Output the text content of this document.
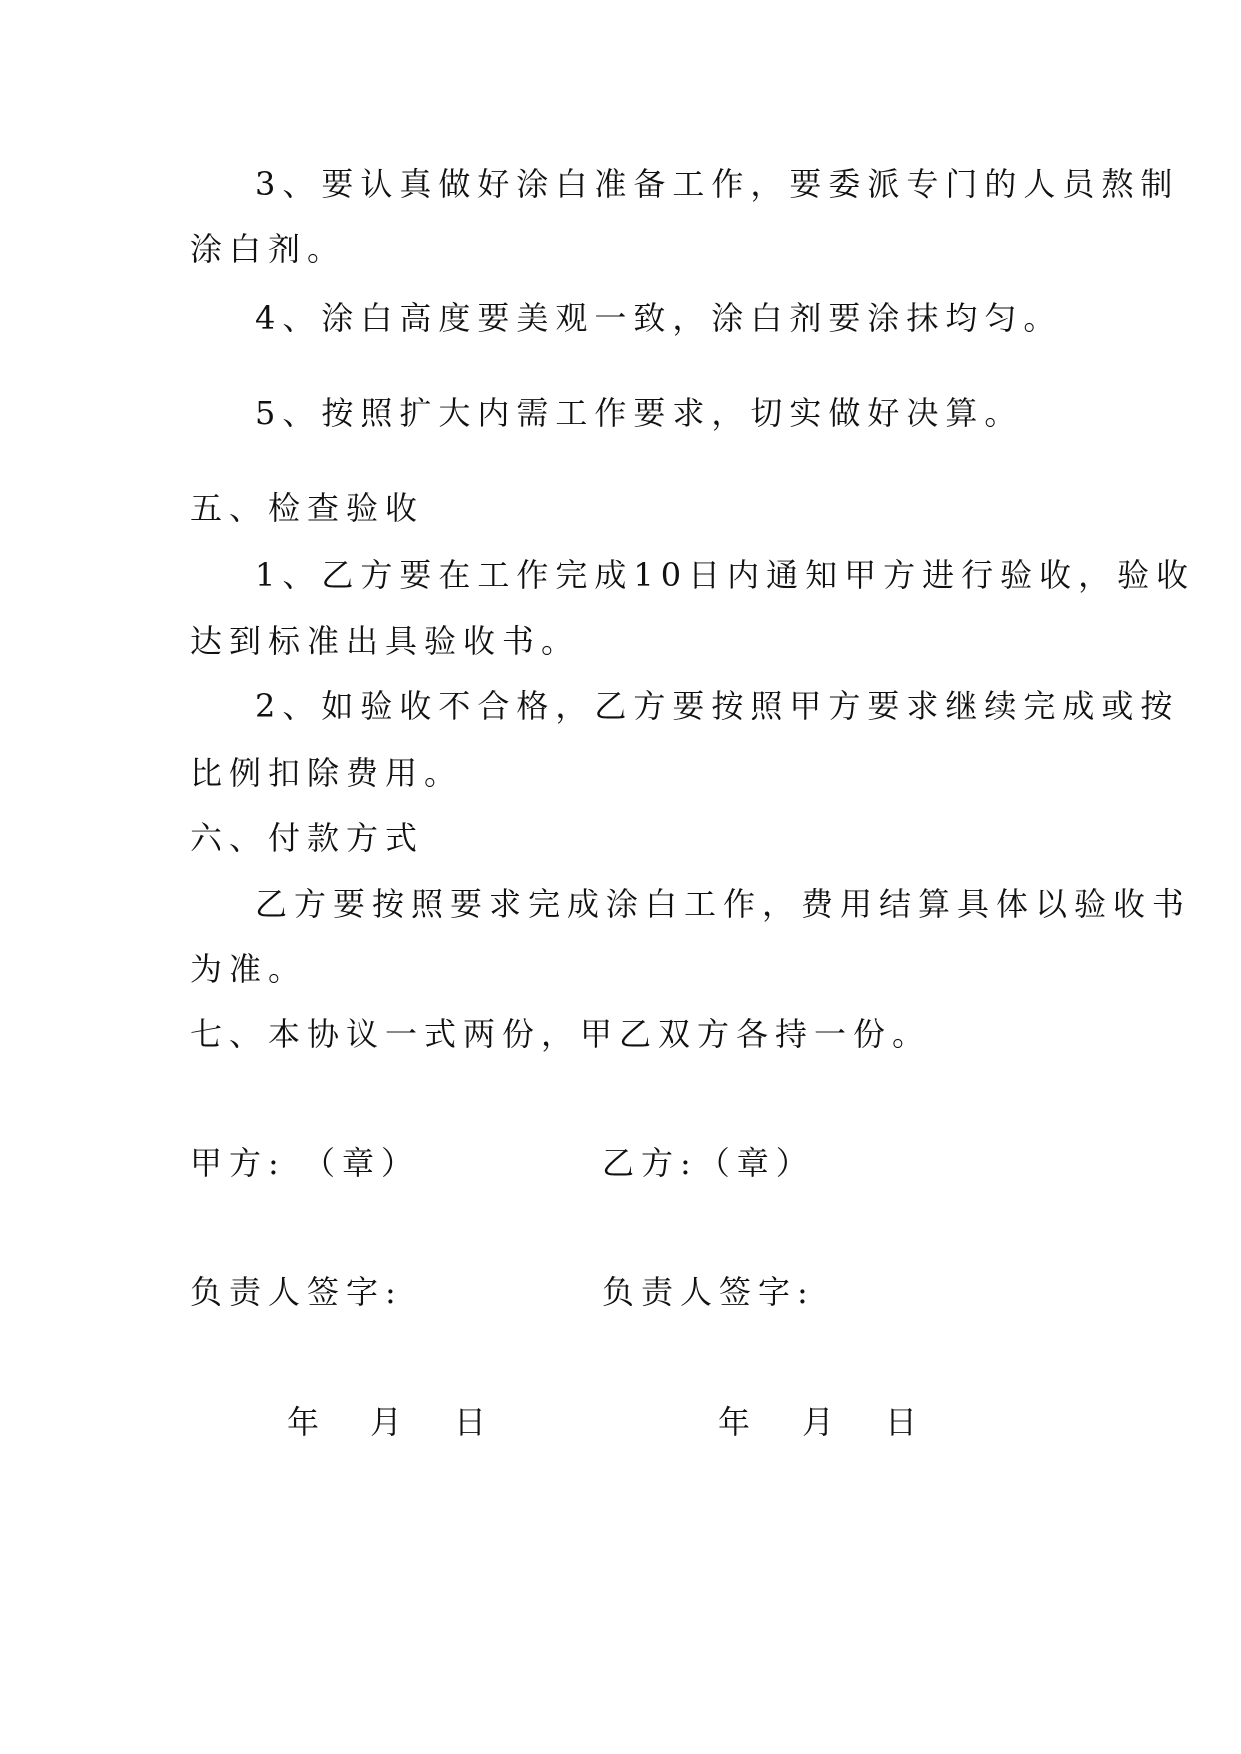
3、要认真做好涂白准备工作，要委派专门的人员熬制

涂白剂。

4、涂白高度要美观一致，涂白剂要涂抹均匀。

5、按照扩大内需工作要求，切实做好决算。

五、检查验收

1、乙方要在工作完成10日内通知甲方进行验收，验收

达到标准出具验收书。

2、如验收不合格，乙方要按照甲方要求继续完成或按

比例扣除费用。

六、付款方式

乙方要按照要求完成涂白工作，费用结算具体以验收书

为准。

七、本协议一式两份，甲乙双方各持一份。

甲方: （章）	乙方:（章）

负责人签字:	负责人签字:

年 月 日	年 月 日
